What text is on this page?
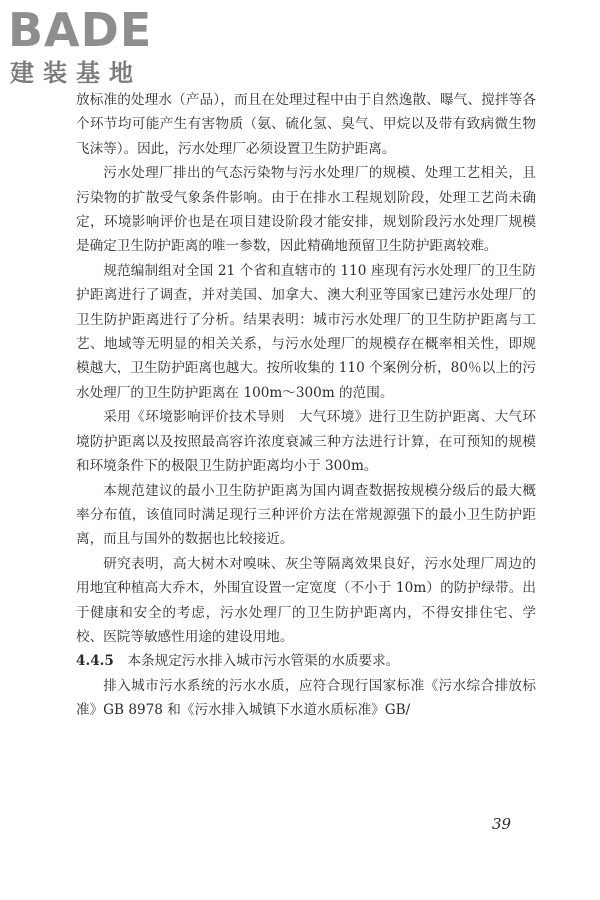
BADE
建装基地

放标准的处理水（产品），而且在处理过程中由于自然逸散、曝气、搅拌等各个环节均可能产生有害物质（氨、硫化氢、臭气、甲烷以及带有致病微生物飞沫等）。因此，污水处理厂必须设置卫生防护距离。

污水处理厂排出的气态污染物与污水处理厂的规模、处理工艺相关，且污染物的扩散受气象条件影响。由于在排水工程规划阶段，处理工艺尚未确定，环境影响评价也是在项目建设阶段才能安排，规划阶段污水处理厂规模是确定卫生防护距离的唯一参数，因此精确地预留卫生防护距离较难。

规范编制组对全国 21 个省和直辖市的 110 座现有污水处理厂的卫生防护距离进行了调查，并对美国、加拿大、澳大利亚等国家已建污水处理厂的卫生防护距离进行了分析。结果表明：城市污水处理厂的卫生防护距离与工艺、地域等无明显的相关关系，与污水处理厂的规模存在概率相关性，即规模越大，卫生防护距离也越大。按所收集的 110 个案例分析，80％以上的污水处理厂的卫生防护距离在 100m～300m 的范围。

采用《环境影响评价技术导则　大气环境》进行卫生防护距离、大气环境防护距离以及按照最高容许浓度衰减三种方法进行计算，在可预知的规模和环境条件下的极限卫生防护距离均小于 300m。

本规范建议的最小卫生防护距离为国内调查数据按规模分级后的最大概率分布值，该值同时满足现行三种评价方法在常规源强下的最小卫生防护距离，而且与国外的数据也比较接近。

研究表明，高大树木对嗅味、灰尘等隔离效果良好，污水处理厂周边的用地宜种植高大乔木，外围宜设置一定宽度（不小于 10m）的防护绿带。出于健康和安全的考虑，污水处理厂的卫生防护距离内，不得安排住宅、学校、医院等敏感性用途的建设用地。

4.4.5  本条规定污水排入城市污水管渠的水质要求。

排入城市污水系统的污水水质，应符合现行国家标准《污水综合排放标准》GB 8978 和《污水排入城镇下水道水质标准》GB/

39
